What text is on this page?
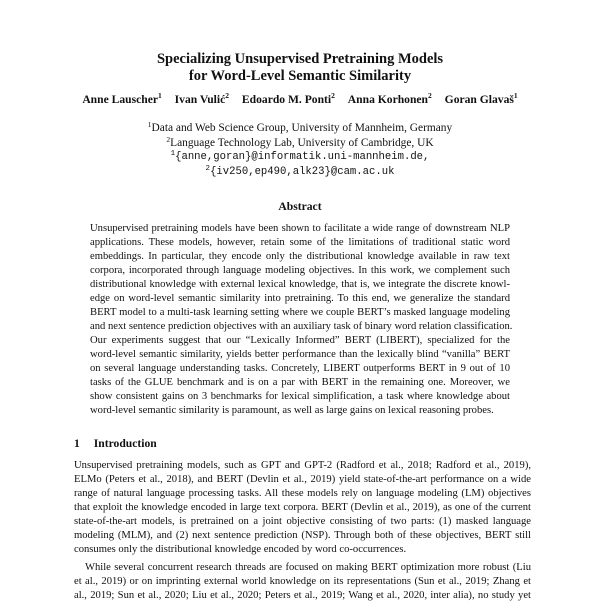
Specializing Unsupervised Pretraining Models
for Word-Level Semantic Similarity
Anne Lauscher$^1$ Ivan Vulić$^2$ Edoardo M. Ponti$^2$ Anna Korhonen$^2$ Goran Glavaš$^1$
$^1$Data and Web Science Group, University of Mannheim, Germany
$^2$Language Technology Lab, University of Cambridge, UK
$^1${anne,goran}@informatik.uni-mannheim.de,
$^2${iv250,ep490,alk23}@cam.ac.uk
Abstract
Unsupervised pretraining models have been shown to facilitate a wide range of downstream NLP
applications. These models, however, retain some of the limitations of traditional static word
embeddings. In particular, they encode only the distributional knowledge available in raw text
corpora, incorporated through language modeling objectives. In this work, we complement such
distributional knowledge with external lexical knowledge, that is, we integrate the discrete knowl-
edge on word-level semantic similarity into pretraining. To this end, we generalize the standard
BERT model to a multi-task learning setting where we couple BERT’s masked language modeling
and next sentence prediction objectives with an auxiliary task of binary word relation classification.
Our experiments suggest that our “Lexically Informed” BERT (LIBERT), specialized for the
word-level semantic similarity, yields better performance than the lexically blind “vanilla” BERT
on several language understanding tasks. Concretely, LIBERT outperforms BERT in 9 out of 10
tasks of the GLUE benchmark and is on a par with BERT in the remaining one. Moreover, we
show consistent gains on 3 benchmarks for lexical simplification, a task where knowledge about
word-level semantic similarity is paramount, as well as large gains on lexical reasoning probes.
1 Introduction
Unsupervised pretraining models, such as GPT and GPT-2 (Radford et al., 2018; Radford et al., 2019),
ELMo (Peters et al., 2018), and BERT (Devlin et al., 2019) yield state-of-the-art performance on a wide
range of natural language processing tasks. All these models rely on language modeling (LM) objectives
that exploit the knowledge encoded in large text corpora. BERT (Devlin et al., 2019), as one of the current
state-of-the-art models, is pretrained on a joint objective consisting of two parts: (1) masked language
modeling (MLM), and (2) next sentence prediction (NSP). Through both of these objectives, BERT still
consumes only the distributional knowledge encoded by word co-occurrences.
While several concurrent research threads are focused on making BERT optimization more robust (Liu
et al., 2019) or on imprinting external world knowledge on its representations (Sun et al., 2019; Zhang et
al., 2019; Sun et al., 2020; Liu et al., 2020; Peters et al., 2019; Wang et al., 2020, inter alia), no study yet
